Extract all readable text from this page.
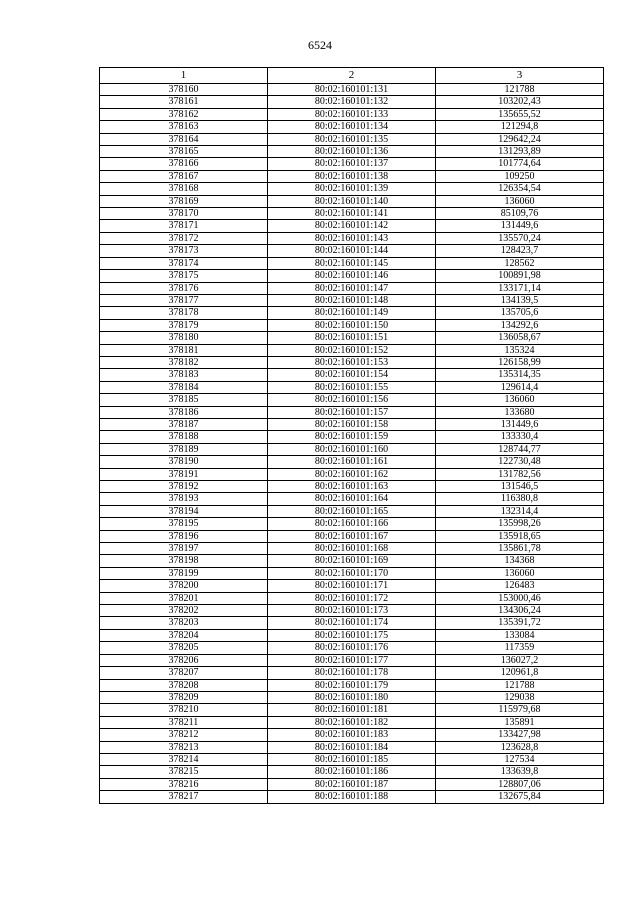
6524
1	2	3
378160	80:02:160101:131	121788
378161	80:02:160101:132	103202,43
378162	80:02:160101:133	135655,52
378163	80:02:160101:134	121294,8
378164	80:02:160101:135	129642,24
378165	80:02:160101:136	131293,89
378166	80:02:160101:137	101774,64
378167	80:02:160101:138	109250
378168	80:02:160101:139	126354,54
378169	80:02:160101:140	136060
378170	80:02:160101:141	85109,76
378171	80:02:160101:142	131449,6
378172	80:02:160101:143	135570,24
378173	80:02:160101:144	128423,7
378174	80:02:160101:145	128562
378175	80:02:160101:146	100891,98
378176	80:02:160101:147	133171,14
378177	80:02:160101:148	134139,5
378178	80:02:160101:149	135705,6
378179	80:02:160101:150	134292,6
378180	80:02:160101:151	136058,67
378181	80:02:160101:152	135324
378182	80:02:160101:153	126158,99
378183	80:02:160101:154	135314,35
378184	80:02:160101:155	129614,4
378185	80:02:160101:156	136060
378186	80:02:160101:157	133680
378187	80:02:160101:158	131449,6
378188	80:02:160101:159	133330,4
378189	80:02:160101:160	128744,77
378190	80:02:160101:161	122730,48
378191	80:02:160101:162	131782,56
378192	80:02:160101:163	131546,5
378193	80:02:160101:164	116380,8
378194	80:02:160101:165	132314,4
378195	80:02:160101:166	135998,26
378196	80:02:160101:167	135918,65
378197	80:02:160101:168	135861,78
378198	80:02:160101:169	134368
378199	80:02:160101:170	136060
378200	80:02:160101:171	126483
378201	80:02:160101:172	153000,46
378202	80:02:160101:173	134306,24
378203	80:02:160101:174	135391,72
378204	80:02:160101:175	133084
378205	80:02:160101:176	117359
378206	80:02:160101:177	136027,2
378207	80:02:160101:178	120961,8
378208	80:02:160101:179	121788
378209	80:02:160101:180	129038
378210	80:02:160101:181	115979,68
378211	80:02:160101:182	135891
378212	80:02:160101:183	133427,98
378213	80:02:160101:184	123628,8
378214	80:02:160101:185	127534
378215	80:02:160101:186	133639,8
378216	80:02:160101:187	128807,06
378217	80:02:160101:188	132675,84
